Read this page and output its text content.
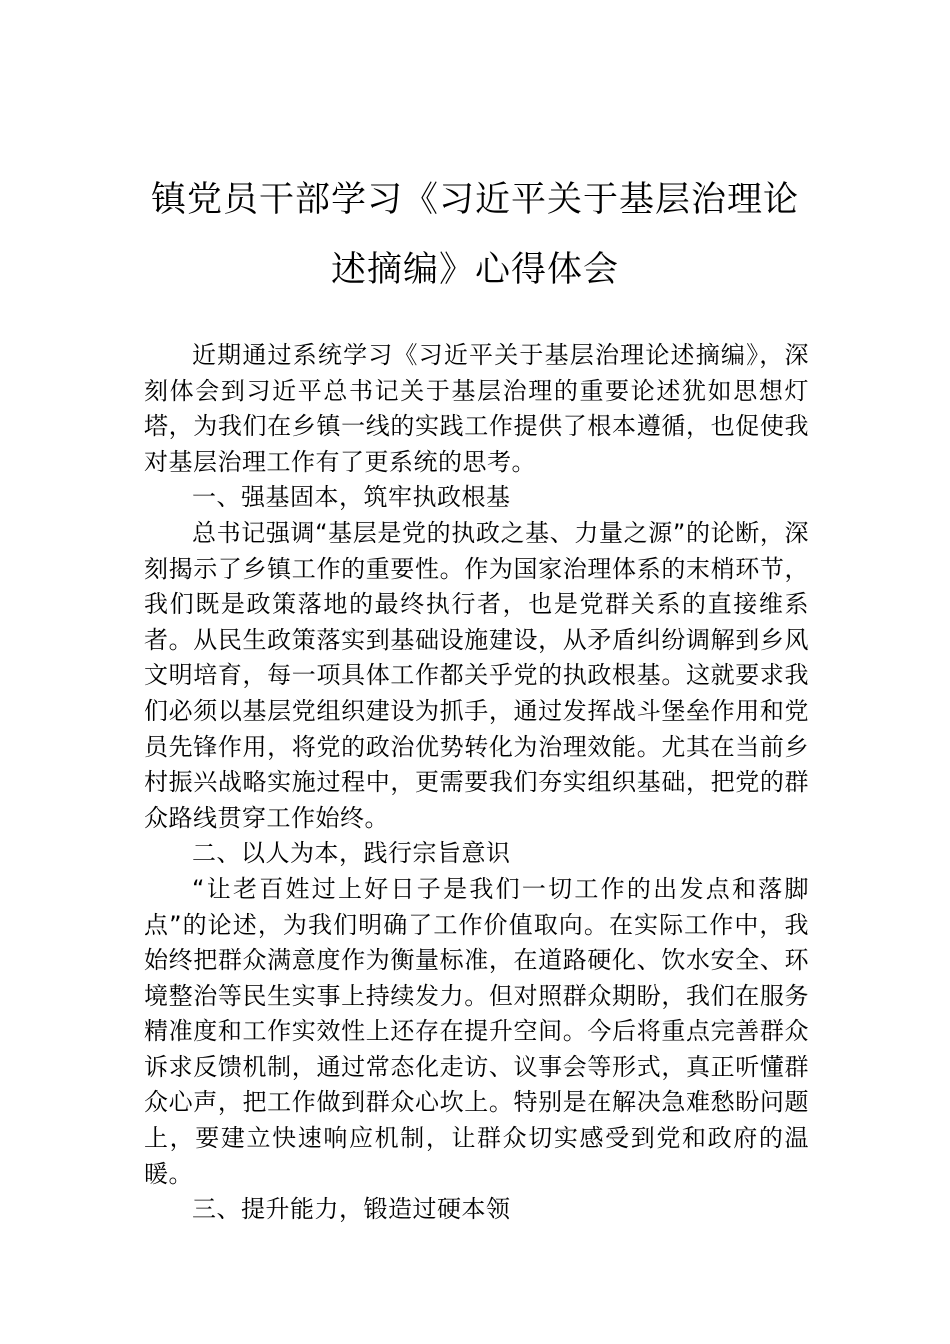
镇党员干部学习《习近平关于基层治理论
述摘编》心得体会

近期通过系统学习《习近平关于基层治理论述摘编》，深刻体会到习近平总书记关于基层治理的重要论述犹如思想灯塔，为我们在乡镇一线的实践工作提供了根本遵循，也促使我对基层治理工作有了更系统的思考。

一、强基固本，筑牢执政根基

总书记强调“基层是党的执政之基、力量之源”的论断，深刻揭示了乡镇工作的重要性。作为国家治理体系的末梢环节，我们既是政策落地的最终执行者，也是党群关系的直接维系者。从民生政策落实到基础设施建设，从矛盾纠纷调解到乡风文明培育，每一项具体工作都关乎党的执政根基。这就要求我们必须以基层党组织建设为抓手，通过发挥战斗堡垒作用和党员先锋作用，将党的政治优势转化为治理效能。尤其在当前乡村振兴战略实施过程中，更需要我们夯实组织基础，把党的群众路线贯穿工作始终。

二、以人为本，践行宗旨意识

“让老百姓过上好日子是我们一切工作的出发点和落脚点”的论述，为我们明确了工作价值取向。在实际工作中，我始终把群众满意度作为衡量标准，在道路硬化、饮水安全、环境整治等民生实事上持续发力。但对照群众期盼，我们在服务精准度和工作实效性上还存在提升空间。今后将重点完善群众诉求反馈机制，通过常态化走访、议事会等形式，真正听懂群众心声，把工作做到群众心坎上。特别是在解决急难愁盼问题上，要建立快速响应机制，让群众切实感受到党和政府的温暖。

三、提升能力，锻造过硬本领
